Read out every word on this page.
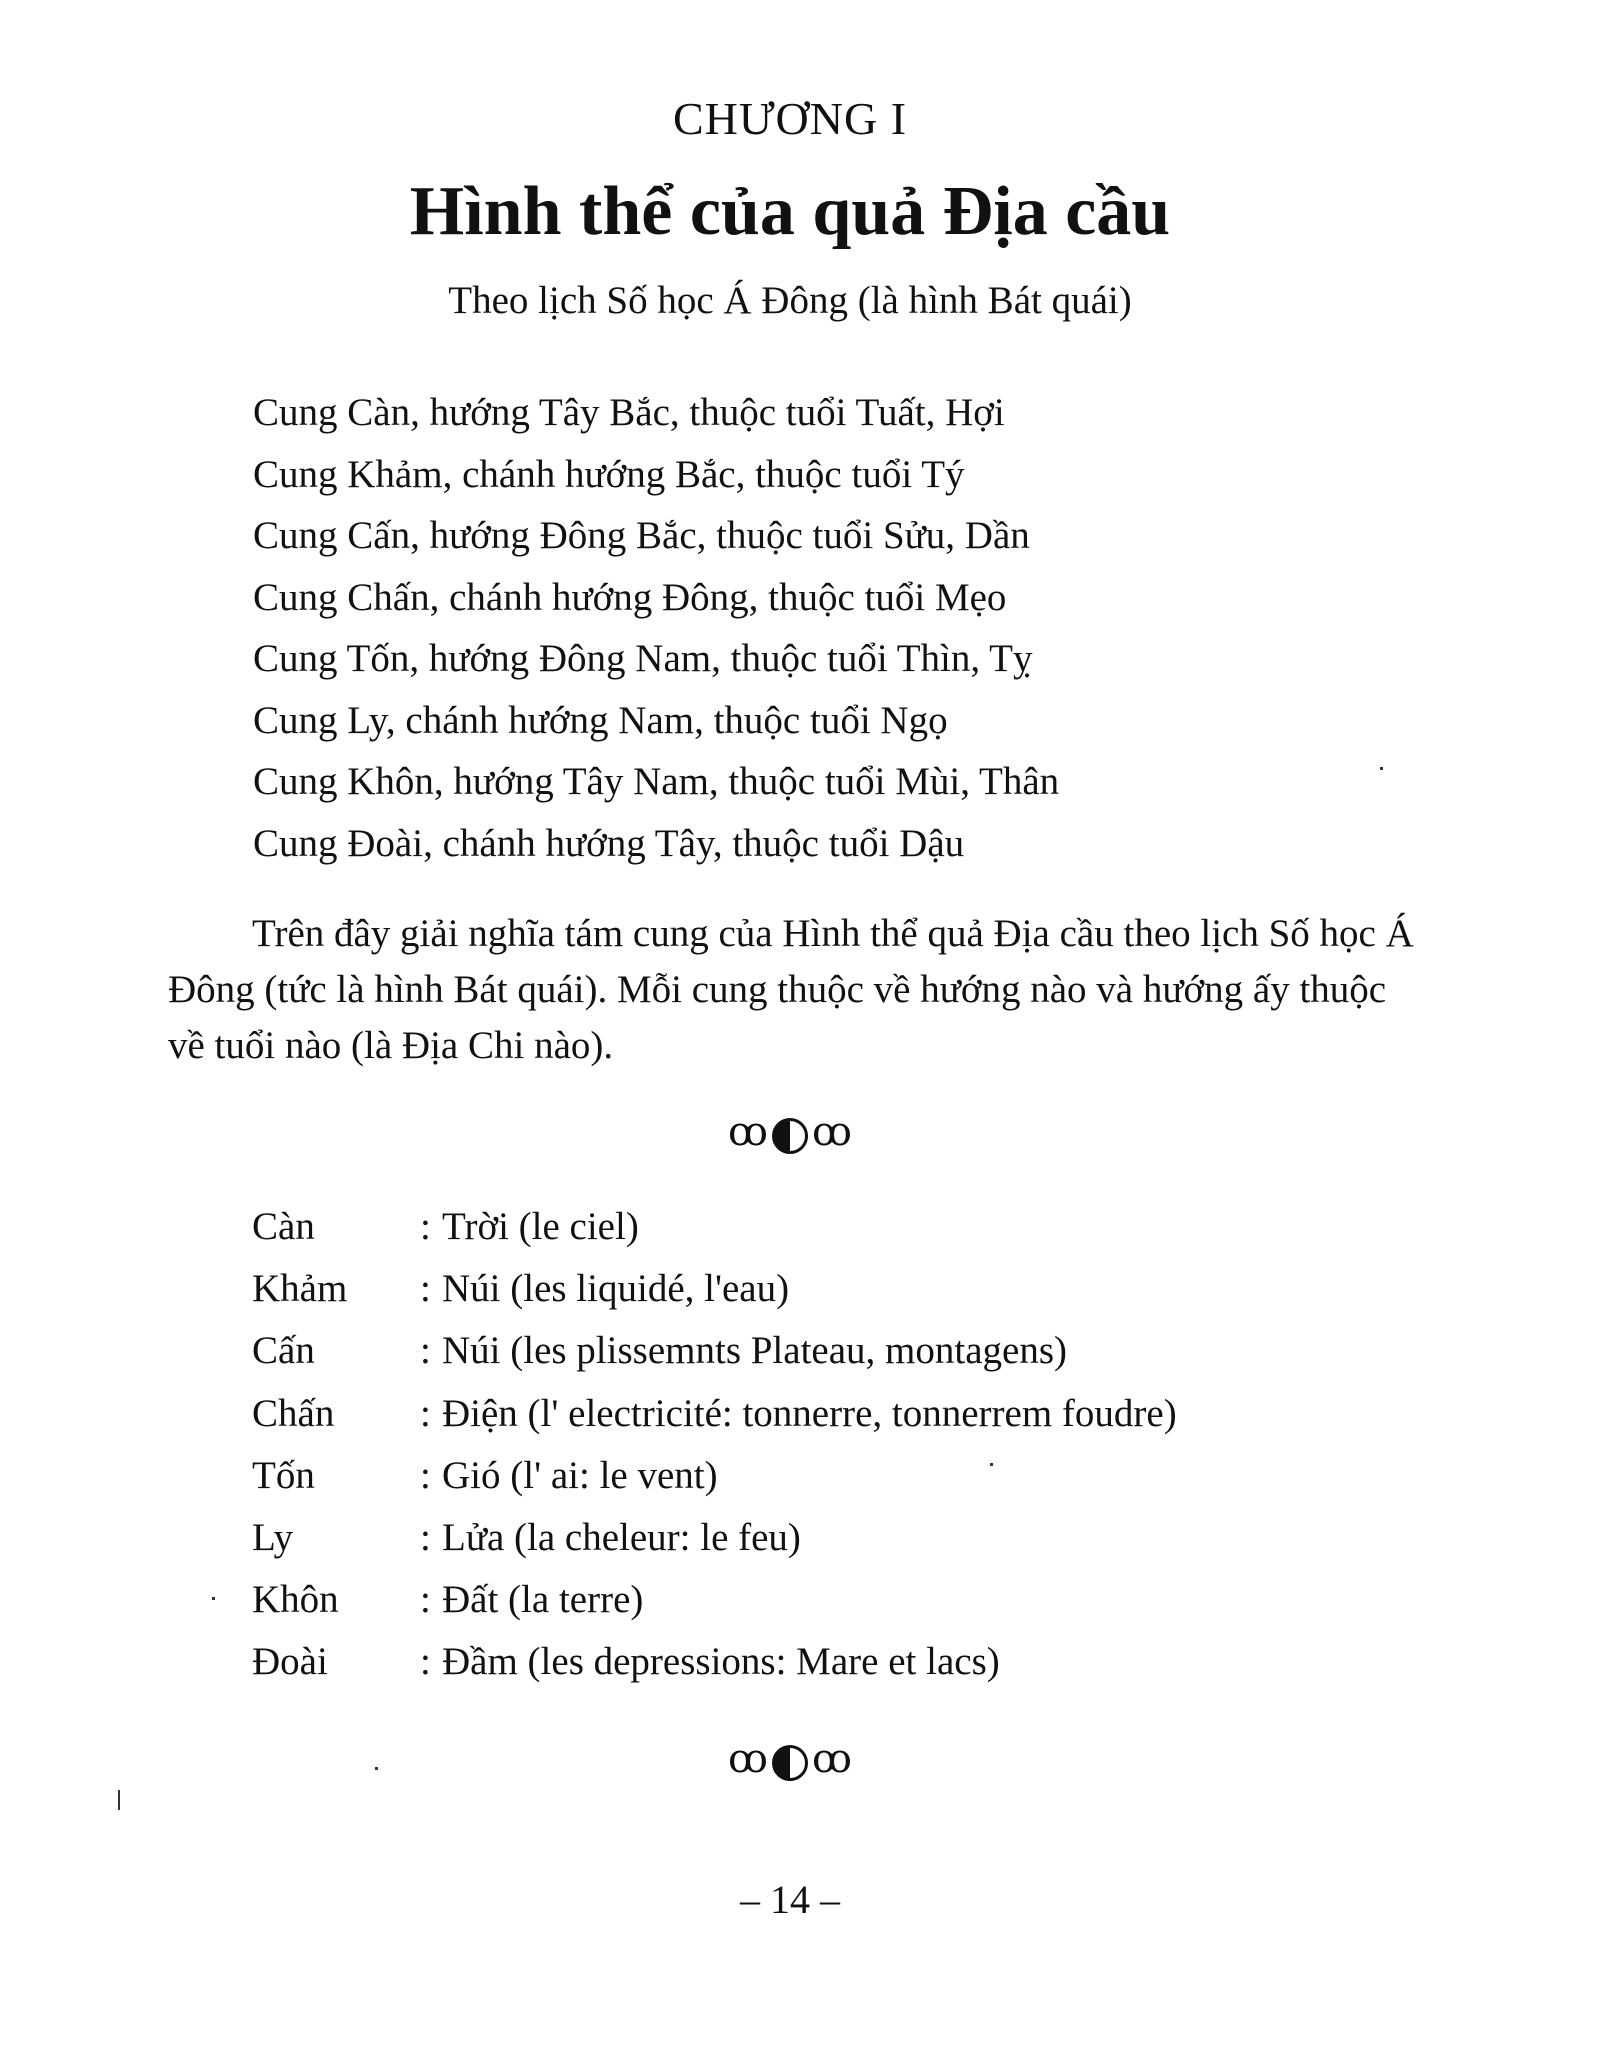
CHƯƠNG I
Hình thể của quả Địa cầu
Theo lịch Số học Á Đông (là hình Bát quái)
Cung Càn, hướng Tây Bắc, thuộc tuổi Tuất, Hợi
Cung Khảm, chánh hướng Bắc, thuộc tuổi Tý
Cung Cấn, hướng Đông Bắc, thuộc tuổi Sửu, Dần
Cung Chấn, chánh hướng Đông, thuộc tuổi Mẹo
Cung Tốn, hướng Đông Nam, thuộc tuổi Thìn, Tỵ
Cung Ly, chánh hướng Nam, thuộc tuổi Ngọ
Cung Khôn, hướng Tây Nam, thuộc tuổi Mùi, Thân
Cung Đoài, chánh hướng Tây, thuộc tuổi Dậu
Trên đây giải nghĩa tám cung của Hình thể quả Địa cầu theo lịch Số học Á Đông (tức là hình Bát quái). Mỗi cung thuộc về hướng nào và hướng ấy thuộc về tuổi nào (là Địa Chi nào).
ꝏ ꝏ
Càn	: Trời (le ciel)
Khảm : Núi (les liquidé, l'eau)
Cấn	: Núi (les plissemnts Plateau, montagens)
Chấn : Điện (l' electricité: tonnerre, tonnerrem foudre)
Tốn	: Gió (l' ai: le vent)
Ly	: Lửa (la cheleur: le feu)
Khôn : Đất (la terre)
Đoài : Đầm (les depressions: Mare et lacs)
ꝏ ꝏ
– 14 –
